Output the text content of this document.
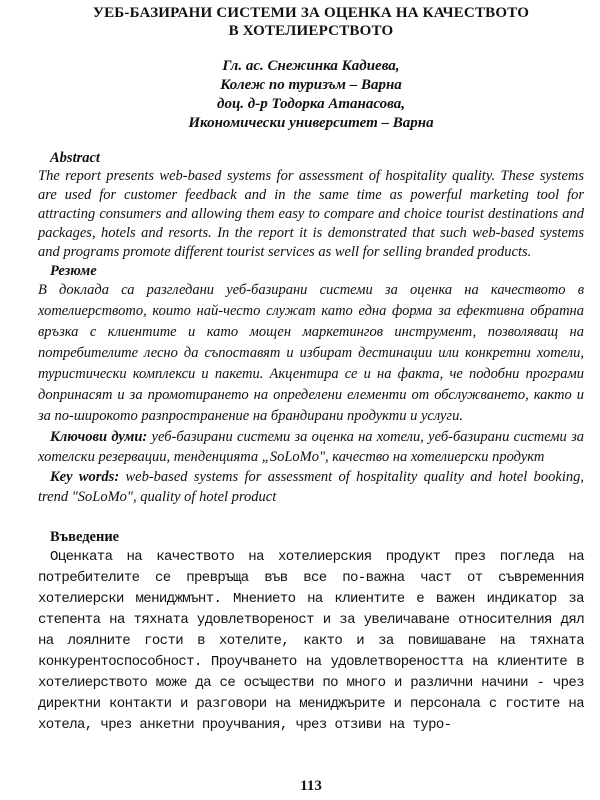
УЕБ-БАЗИРАНИ СИСТЕМИ ЗА ОЦЕНКА НА КАЧЕСТВОТО
В ХОТЕЛИЕРСТВОТО
Гл. ас. Снежинка Кадиева,
Колеж по туризъм – Варна
доц. д-р Тодорка Атанасова,
Икономически университет – Варна
Abstract
The report presents web-based systems for assessment of hospitality quality. These systems are used for customer feedback and in the same time as powerful marketing tool for attracting consumers and allowing them easy to compare and choice tourist destinations and packages, hotels and resorts. In the report it is demonstrated that such web-based systems and programs promote different tourist services as well for selling branded products.
Резюме
В доклада са разгледани уеб-базирани системи за оценка на качеството в хотелиерството, които най-често служат като една форма за ефективна обратна връзка с клиентите и като мощен маркетингов инструмент, позволяващ на потребителите лесно да съпоставят и избират дестинации или конкретни хотели, туристически комплекси и пакети. Акцентира се и на факта, че подобни програми допринасят и за промотирането на определени елементи от обслужването, както и за по-широкото разпространение на брандирани продукти и услуги.
Ключови думи: уеб-базирани системи за оценка на хотели, уеб-базирани системи за хотелски резервации, тенденцията „SoLoMo", качество на хотелиерски продукт
Key words: web-based systems for assessment of hospitality quality and hotel booking, trend "SoLoMo", quality of hotel product
Въведение
Оценката на качеството на хотелиерския продукт през погледа на потребителите се превръща във все по-важна част от съвременния хотелиерски мениджмънт. Мнението на клиентите е важен индикатор за степента на тяхната удовлетвореност и за увеличаване относителния дял на лоялните гости в хотелите, както и за повишаване на тяхната конкурентоспособност. Проучването на удовлетвореността на клиентите в хотелиерството може да се осъществи по много и различни начини - чрез директни контакти и разговори на мениджърите и персонала с гостите на хотела, чрез анкетни проучвания, чрез отзиви на туро-
113
